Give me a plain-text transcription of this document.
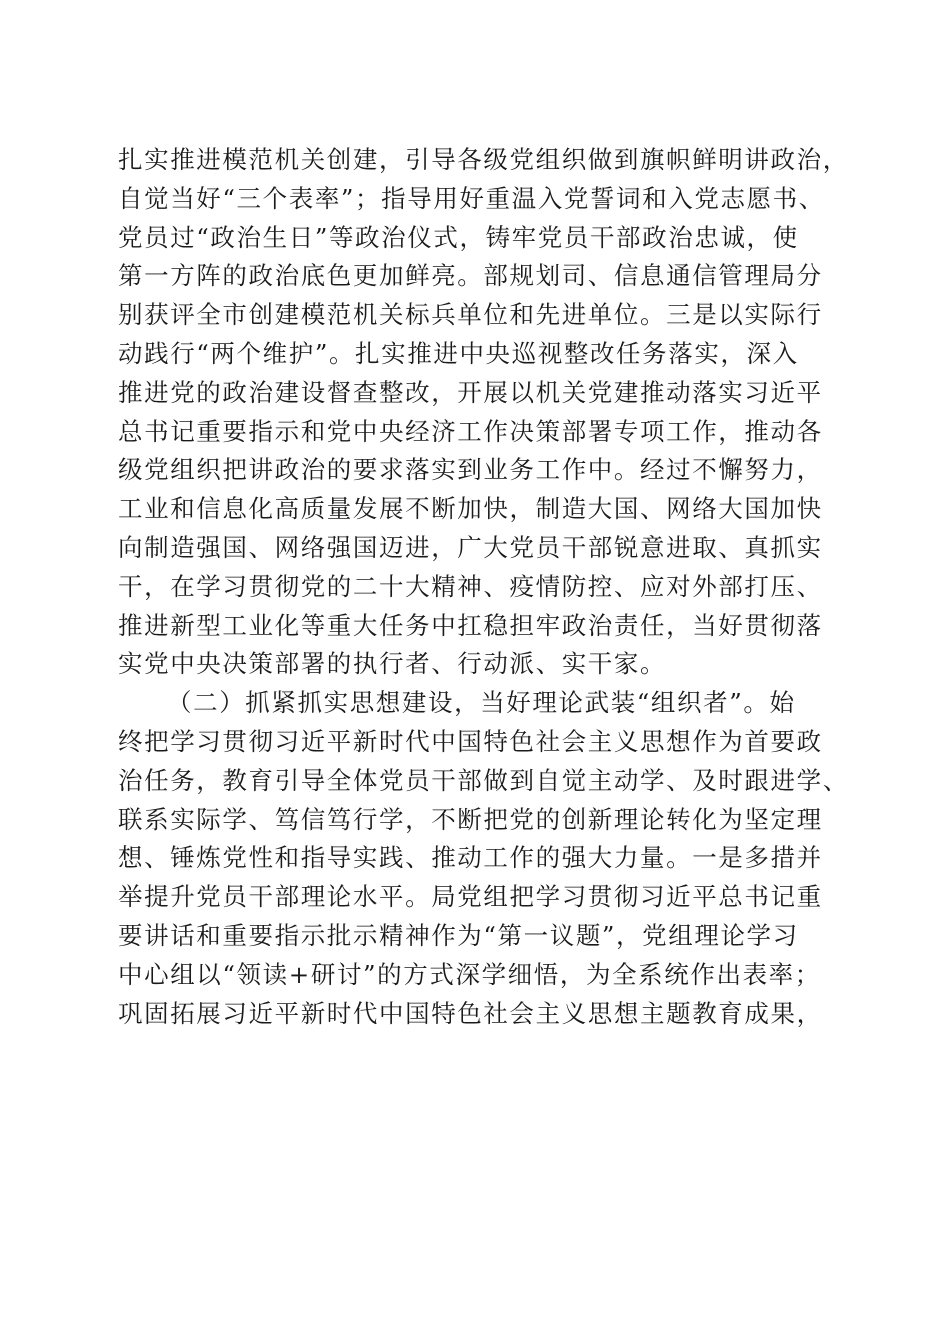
扎实推进模范机关创建，引导各级党组织做到旗帜鲜明讲政治，
自觉当好“三个表率”；指导用好重温入党誓词和入党志愿书、
党员过“政治生日”等政治仪式，铸牢党员干部政治忠诚，使
第一方阵的政治底色更加鲜亮。部规划司、信息通信管理局分
别获评全市创建模范机关标兵单位和先进单位。三是以实际行
动践行“两个维护”。扎实推进中央巡视整改任务落实，深入
推进党的政治建设督查整改，开展以机关党建推动落实习近平
总书记重要指示和党中央经济工作决策部署专项工作，推动各
级党组织把讲政治的要求落实到业务工作中。经过不懈努力，
工业和信息化高质量发展不断加快，制造大国、网络大国加快
向制造强国、网络强国迈进，广大党员干部锐意进取、真抓实
干，在学习贯彻党的二十大精神、疫情防控、应对外部打压、
推进新型工业化等重大任务中扛稳担牢政治责任，当好贯彻落
实党中央决策部署的执行者、行动派、实干家。
（二）抓紧抓实思想建设，当好理论武装“组织者”。始
终把学习贯彻习近平新时代中国特色社会主义思想作为首要政
治任务，教育引导全体党员干部做到自觉主动学、及时跟进学、
联系实际学、笃信笃行学，不断把党的创新理论转化为坚定理
想、锤炼党性和指导实践、推动工作的强大力量。一是多措并
举提升党员干部理论水平。局党组把学习贯彻习近平总书记重
要讲话和重要指示批示精神作为“第一议题”，党组理论学习
中心组以“领读+研讨”的方式深学细悟，为全系统作出表率；
巩固拓展习近平新时代中国特色社会主义思想主题教育成果，
